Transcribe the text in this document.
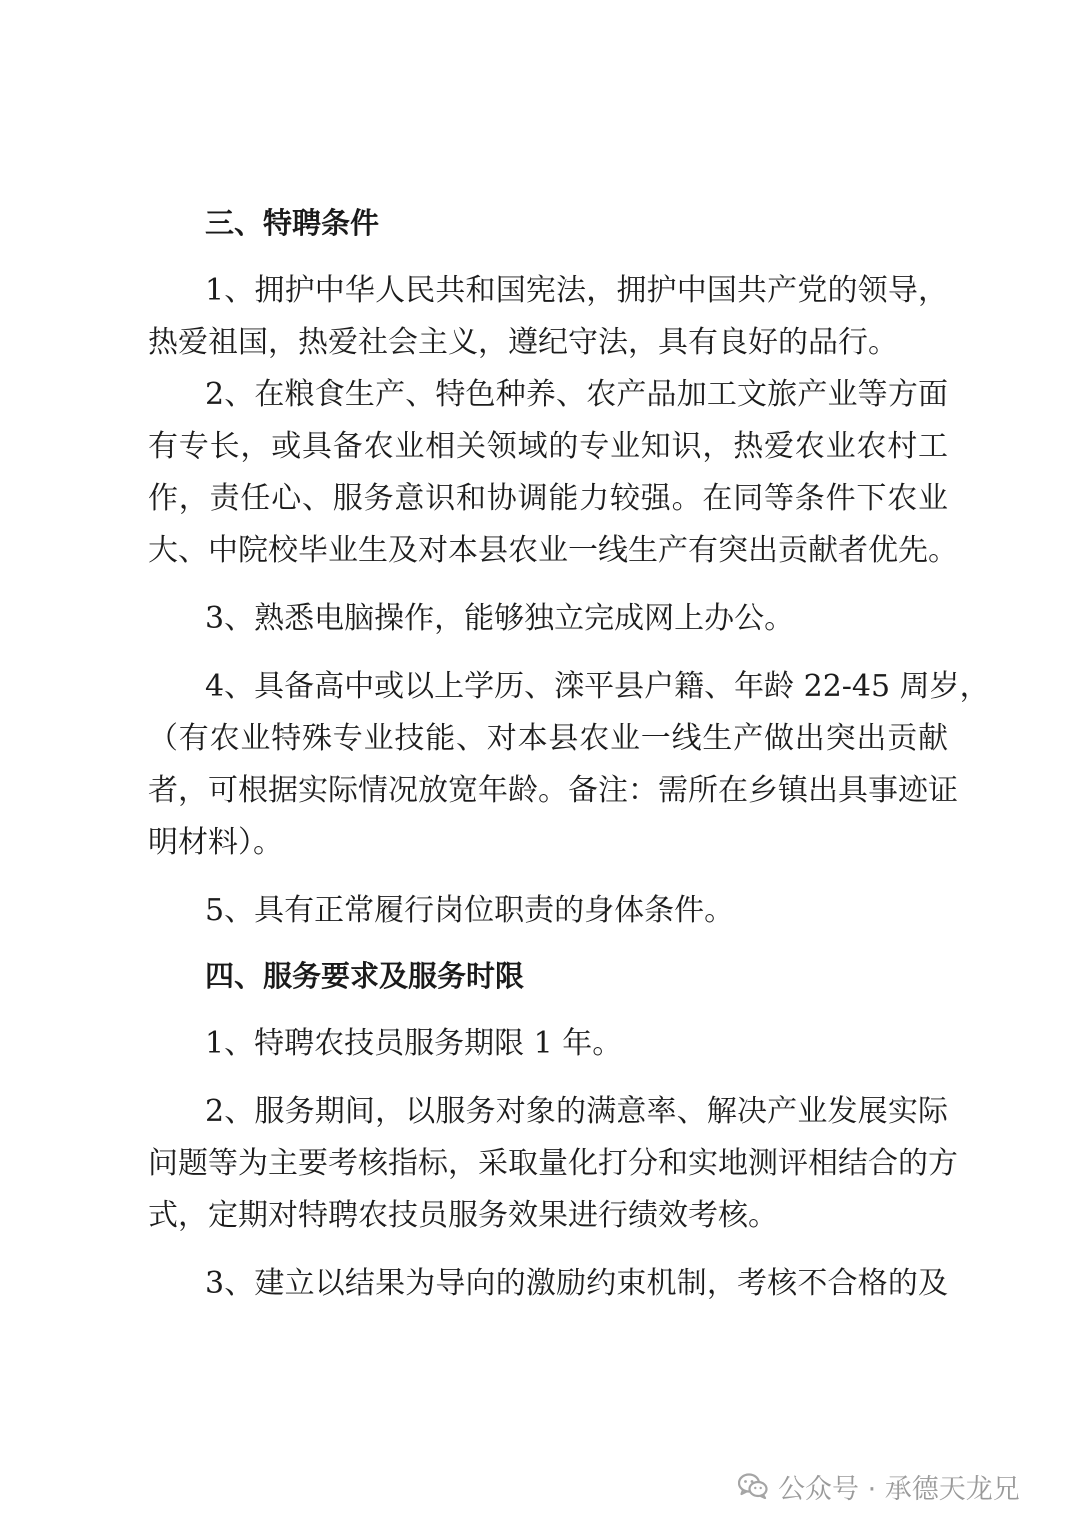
三、特聘条件
1、拥护中华人民共和国宪法，拥护中国共产党的领导，
热爱祖国，热爱社会主义，遵纪守法，具有良好的品行。
2、在粮食生产、特色种养、农产品加工文旅产业等方面
有专长，或具备农业相关领域的专业知识，热爱农业农村工
作，责任心、服务意识和协调能力较强。在同等条件下农业
大、中院校毕业生及对本县农业一线生产有突出贡献者优先。
3、熟悉电脑操作，能够独立完成网上办公。
4、具备高中或以上学历、滦平县户籍、年龄 22-45 周岁，
（有农业特殊专业技能、对本县农业一线生产做出突出贡献
者，可根据实际情况放宽年龄。备注：需所在乡镇出具事迹证
明材料）。
5、具有正常履行岗位职责的身体条件。
四、服务要求及服务时限
1、特聘农技员服务期限 1 年。
2、服务期间，以服务对象的满意率、解决产业发展实际
问题等为主要考核指标，采取量化打分和实地测评相结合的方
式，定期对特聘农技员服务效果进行绩效考核。
3、建立以结果为导向的激励约束机制，考核不合格的及
公众号 · 承德天龙兄
